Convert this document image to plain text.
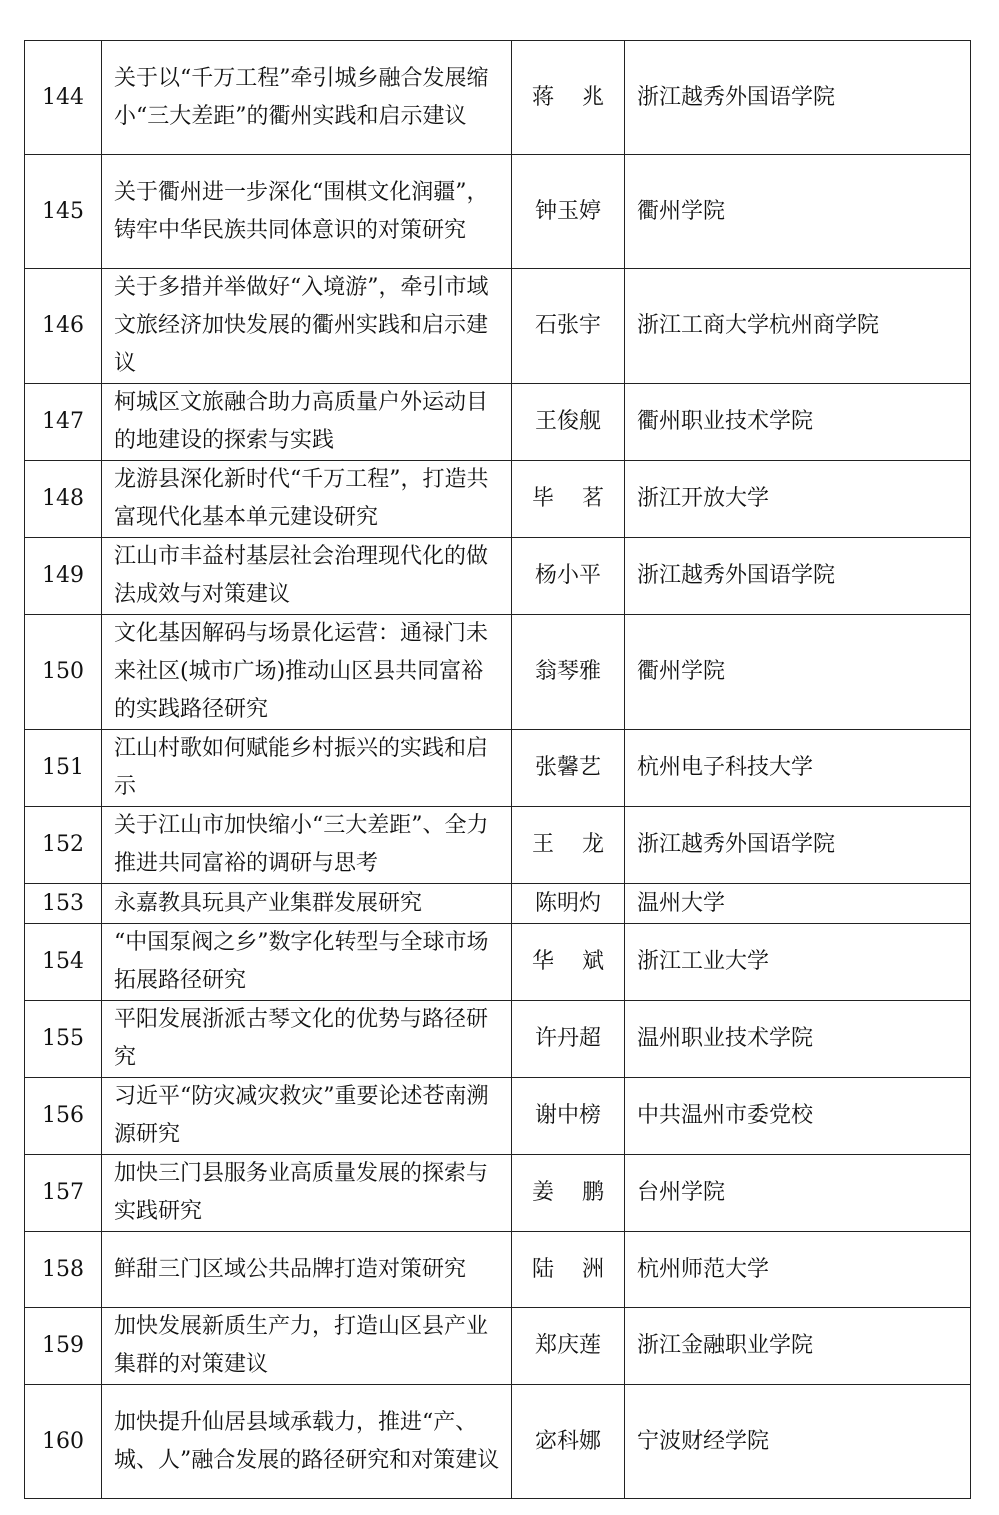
144	关于以“千万工程”牵引城乡融合发展缩小“三大差距”的衢州实践和启示建议	蒋 兆	浙江越秀外国语学院
145	关于衢州进一步深化“围棋文化润疆”，铸牢中华民族共同体意识的对策研究	钟玉婷	衢州学院
146	关于多措并举做好“入境游”，牵引市域文旅经济加快发展的衢州实践和启示建议	石张宇	浙江工商大学杭州商学院
147	柯城区文旅融合助力高质量户外运动目的地建设的探索与实践	王俊舰	衢州职业技术学院
148	龙游县深化新时代“千万工程”，打造共富现代化基本单元建设研究	毕 茗	浙江开放大学
149	江山市丰益村基层社会治理现代化的做法成效与对策建议	杨小平	浙江越秀外国语学院
150	文化基因解码与场景化运营：通禄门未来社区(城市广场)推动山区县共同富裕的实践路径研究	翁琴雅	衢州学院
151	江山村歌如何赋能乡村振兴的实践和启示	张馨艺	杭州电子科技大学
152	关于江山市加快缩小“三大差距”、全力推进共同富裕的调研与思考	王 龙	浙江越秀外国语学院
153	永嘉教具玩具产业集群发展研究	陈明灼	温州大学
154	“中国泵阀之乡”数字化转型与全球市场拓展路径研究	华 斌	浙江工业大学
155	平阳发展浙派古琴文化的优势与路径研究	许丹超	温州职业技术学院
156	习近平“防灾减灾救灾”重要论述苍南溯源研究	谢中榜	中共温州市委党校
157	加快三门县服务业高质量发展的探索与实践研究	姜 鹏	台州学院
158	鲜甜三门区域公共品牌打造对策研究	陆 洲	杭州师范大学
159	加快发展新质生产力，打造山区县产业集群的对策建议	郑庆莲	浙江金融职业学院
160	加快提升仙居县域承载力，推进“产、城、人”融合发展的路径研究和对策建议	宓科娜	宁波财经学院
